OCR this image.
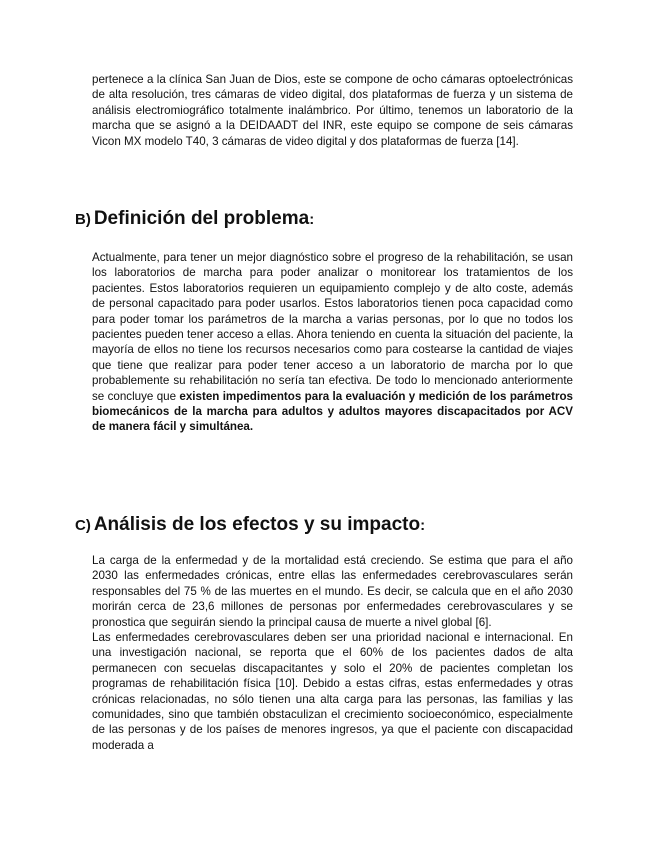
pertenece a la clínica San Juan de Dios, este se compone de ocho cámaras optoelectrónicas de alta resolución, tres cámaras de video digital, dos plataformas de fuerza y un sistema de análisis electromiográfico totalmente inalámbrico. Por último, tenemos un laboratorio de la marcha que se asignó a la DEIDAADT del INR, este equipo se compone de seis cámaras Vicon MX modelo T40, 3 cámaras de video digital y dos plataformas de fuerza [14].

B) Definición del problema:

Actualmente, para tener un mejor diagnóstico sobre el progreso de la rehabilitación, se usan los laboratorios de marcha para poder analizar o monitorear los tratamientos de los pacientes. Estos laboratorios requieren un equipamiento complejo y de alto coste, además de personal capacitado para poder usarlos. Estos laboratorios tienen poca capacidad como para poder tomar los parámetros de la marcha a varias personas, por lo que no todos los pacientes pueden tener acceso a ellas. Ahora teniendo en cuenta la situación del paciente, la mayoría de ellos no tiene los recursos necesarios como para costearse la cantidad de viajes que tiene que realizar para poder tener acceso a un laboratorio de marcha por lo que probablemente su rehabilitación no sería tan efectiva. De todo lo mencionado anteriormente se concluye que existen impedimentos para la evaluación y medición de los parámetros biomecánicos de la marcha para adultos y adultos mayores discapacitados por ACV de manera fácil y simultánea.

C) Análisis de los efectos y su impacto:
La carga de la enfermedad y de la mortalidad está creciendo. Se estima que para el año 2030 las enfermedades crónicas, entre ellas las enfermedades cerebrovasculares serán responsables del 75 % de las muertes en el mundo. Es decir, se calcula que en el año 2030 morirán cerca de 23,6 millones de personas por enfermedades cerebrovasculares y se pronostica que seguirán siendo la principal causa de muerte a nivel global [6].
Las enfermedades cerebrovasculares deben ser una prioridad nacional e internacional. En una investigación nacional, se reporta que el 60% de los pacientes dados de alta permanecen con secuelas discapacitantes y solo el 20% de pacientes completan los programas de rehabilitación física [10]. Debido a estas cifras, estas enfermedades y otras crónicas relacionadas, no sólo tienen una alta carga para las personas, las familias y las comunidades, sino que también obstaculizan el crecimiento socioeconómico, especialmente de las personas y de los países de menores ingresos, ya que el paciente con discapacidad moderada a
